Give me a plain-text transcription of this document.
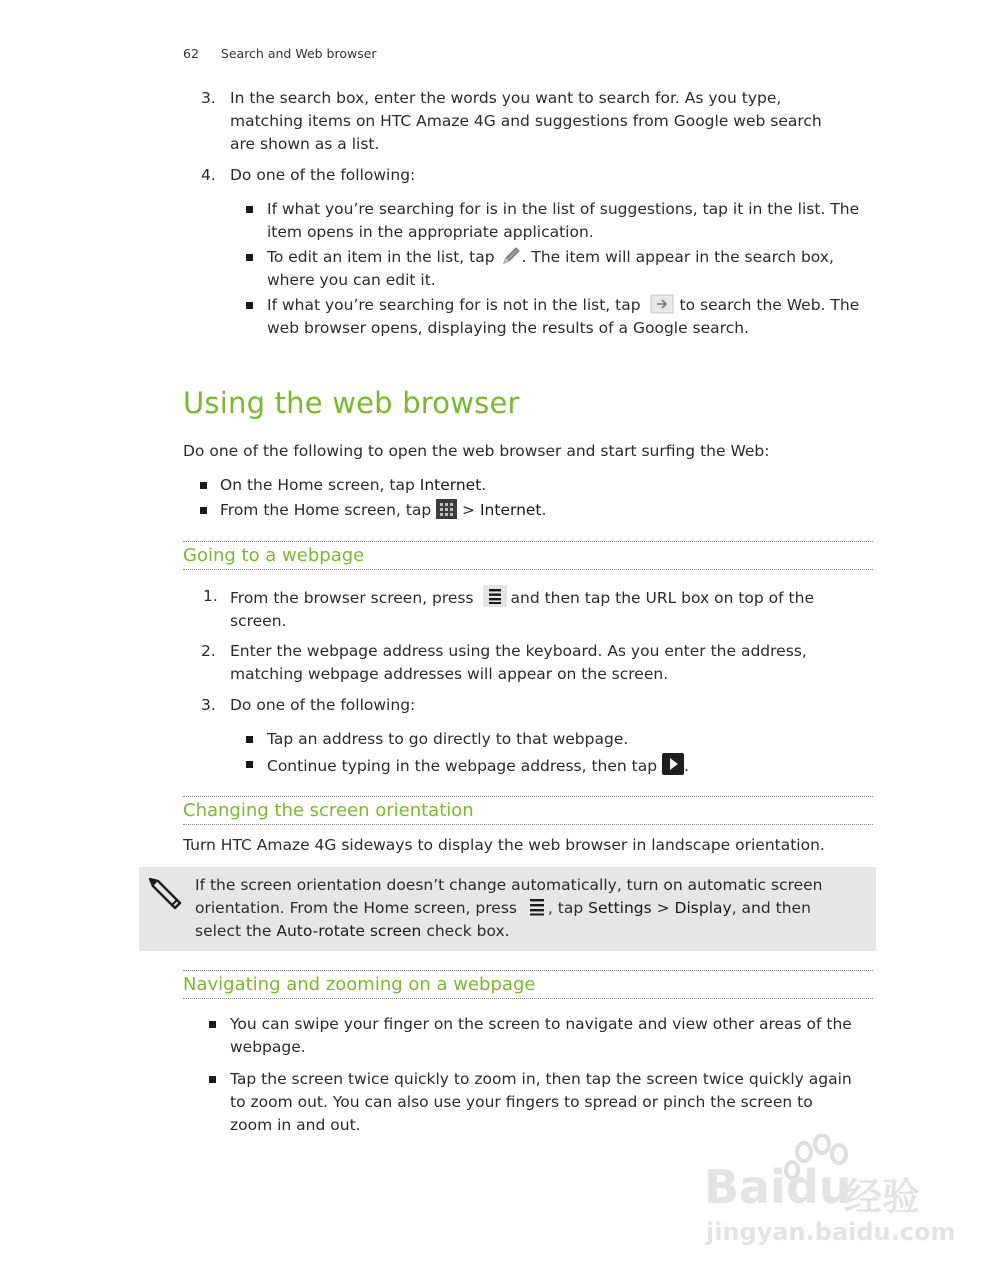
62 Search and Web browser
3. In the search box, enter the words you want to search for. As you type,
matching items on HTC Amaze 4G and suggestions from Google web search
are shown as a list.
4. Do one of the following:
If what you’re searching for is in the list of suggestions, tap it in the list. The
item opens in the appropriate application.
To edit an item in the list, tap . The item will appear in the search box,
where you can edit it.
If what you’re searching for is not in the list, tap	to search the Web. The
web browser opens, displaying the results of a Google search.
Using the web browser
Do one of the following to open the web browser and start surfing the Web:
On the Home screen, tap Internet.
From the Home screen, tap  > Internet.
Going to a webpage
1. From the browser screen, press and then tap the URL box on top of the
screen.
2. Enter the webpage address using the keyboard. As you enter the address,
matching webpage addresses will appear on the screen.
3. Do one of the following:
Tap an address to go directly to that webpage.
Continue typing in the webpage address, then tap .
Changing the screen orientation
Turn HTC Amaze 4G sideways to display the web browser in landscape orientation.
If the screen orientation doesn’t change automatically, turn on automatic screen
orientation. From the Home screen, press , tap Settings > Display, and then
select the Auto-rotate screen check box.
Navigating and zooming on a webpage
You can swipe your finger on the screen to navigate and view other areas of the
webpage.
Tap the screen twice quickly to zoom in, then tap the screen twice quickly again
to zoom out. You can also use your fingers to spread or pinch the screen to
zoom in and out.
Baidu
经验
jingyan.baidu.com
